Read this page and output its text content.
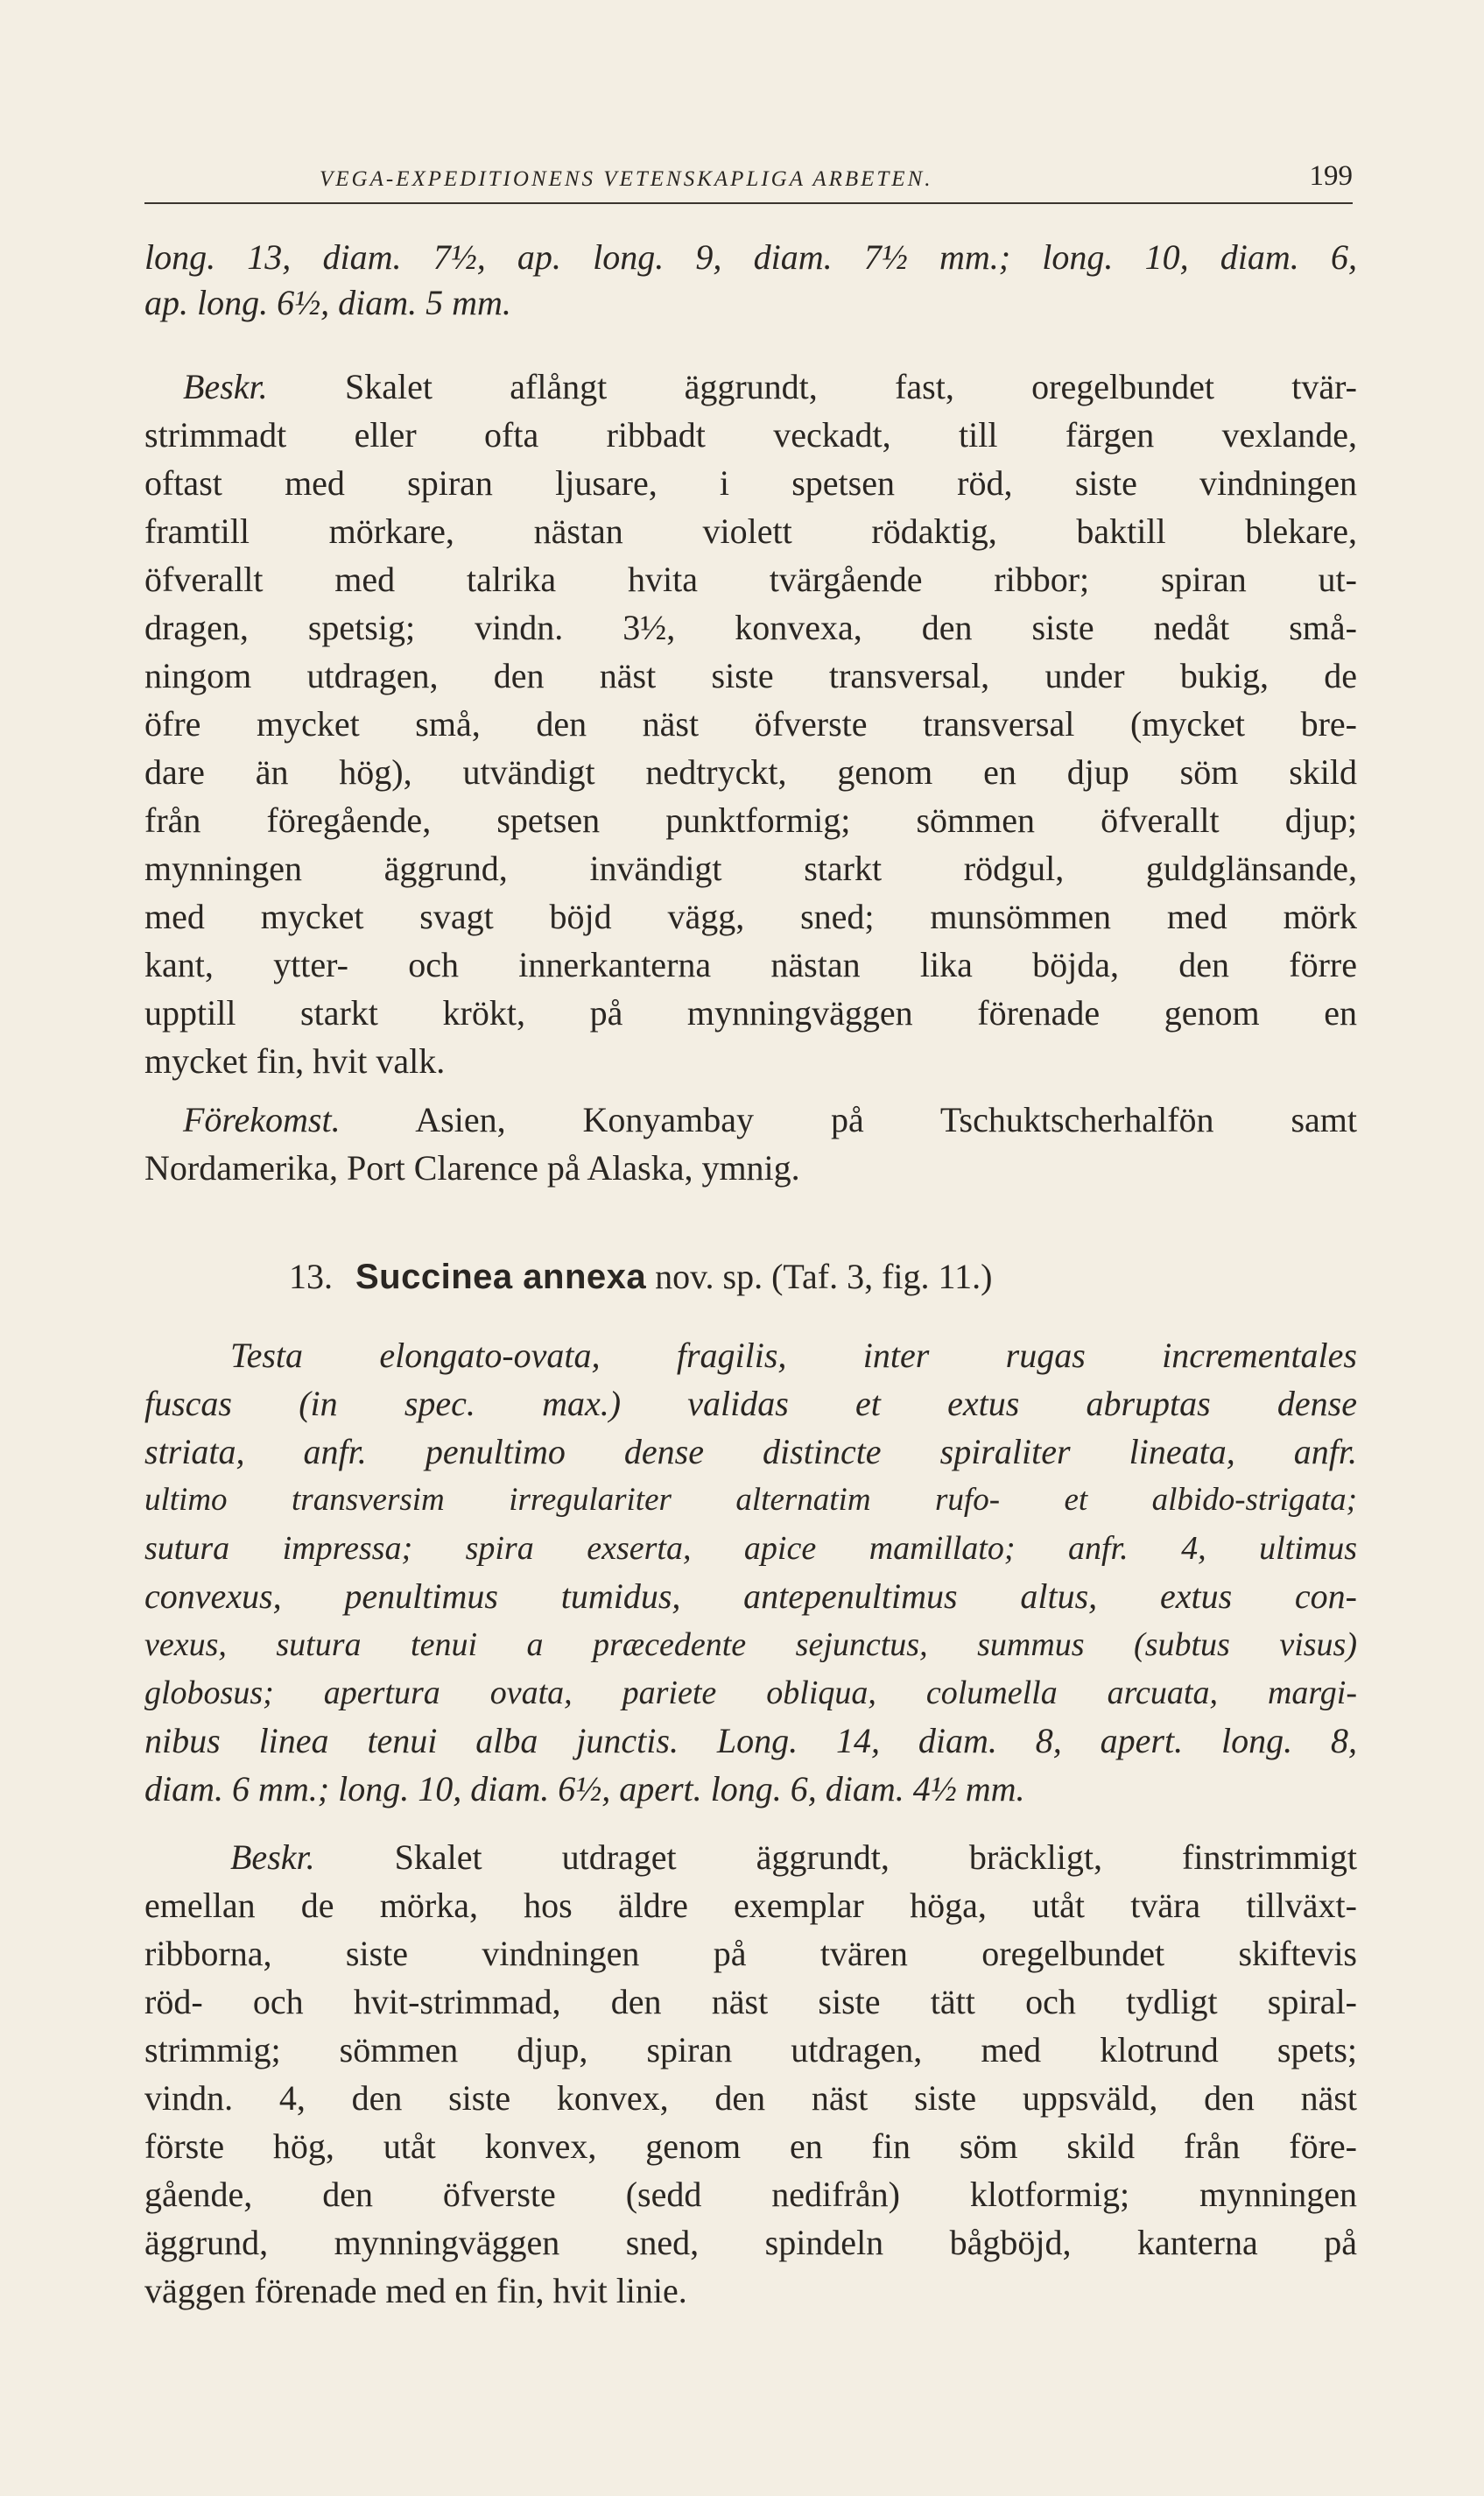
VEGA-EXPEDITIONENS VETENSKAPLIGA ARBETEN.	199
long. 13, diam. 7½, ap. long. 9, diam. 7½ mm.; long. 10, diam. 6,
ap. long. 6½, diam. 5 mm.
Beskr. Skalet aflångt äggrundt, fast, oregelbundet tvär-
strimmadt eller ofta ribbadt veckadt, till färgen vexlande,
oftast med spiran ljusare, i spetsen röd, siste vindningen
framtill mörkare, nästan violett rödaktig, baktill blekare,
öfverallt med talrika hvita tvärgående ribbor; spiran ut-
dragen, spetsig; vindn. 3½, konvexa, den siste nedåt små-
ningom utdragen, den näst siste transversal, under bukig, de
öfre mycket små, den näst öfverste transversal (mycket bre-
dare än hög), utvändigt nedtryckt, genom en djup söm skild
från föregående, spetsen punktformig; sömmen öfverallt djup;
mynningen äggrund, invändigt starkt rödgul, guldglänsande,
med mycket svagt böjd vägg, sned; munsömmen med mörk
kant, ytter- och innerkanterna nästan lika böjda, den förre
upptill starkt krökt, på mynningväggen förenade genom en
mycket fin, hvit valk.
Förekomst. Asien, Konyambay på Tschuktscherhalfön samt
Nordamerika, Port Clarence på Alaska, ymnig.
13. Succinea annexa nov. sp. (Taf. 3, fig. 11.)
Testa elongato-ovata, fragilis, inter rugas incrementales
fuscas (in spec. max.) validas et extus abruptas dense
striata, anfr. penultimo dense distincte spiraliter lineata, anfr.
ultimo transversim irregulariter alternatim rufo- et albido-strigata;
sutura impressa; spira exserta, apice mamillato; anfr. 4, ultimus
convexus, penultimus tumidus, antepenultimus altus, extus con-
vexus, sutura tenui a præcedente sejunctus, summus (subtus visus)
globosus; apertura ovata, pariete obliqua, columella arcuata, margi-
nibus linea tenui alba junctis. Long. 14, diam. 8, apert. long. 8,
diam. 6 mm.; long. 10, diam. 6½, apert. long. 6, diam. 4½ mm.
Beskr. Skalet utdraget äggrundt, bräckligt, finstrimmigt
emellan de mörka, hos äldre exemplar höga, utåt tvära tillväxt-
ribborna, siste vindningen på tvären oregelbundet skiftevis
röd- och hvit-strimmad, den näst siste tätt och tydligt spiral-
strimmig; sömmen djup, spiran utdragen, med klotrund spets;
vindn. 4, den siste konvex, den näst siste uppsväld, den näst
förste hög, utåt konvex, genom en fin söm skild från före-
gående, den öfverste (sedd nedifrån) klotformig; mynningen
äggrund, mynningväggen sned, spindeln bågböjd, kanterna på
väggen förenade med en fin, hvit linie.
